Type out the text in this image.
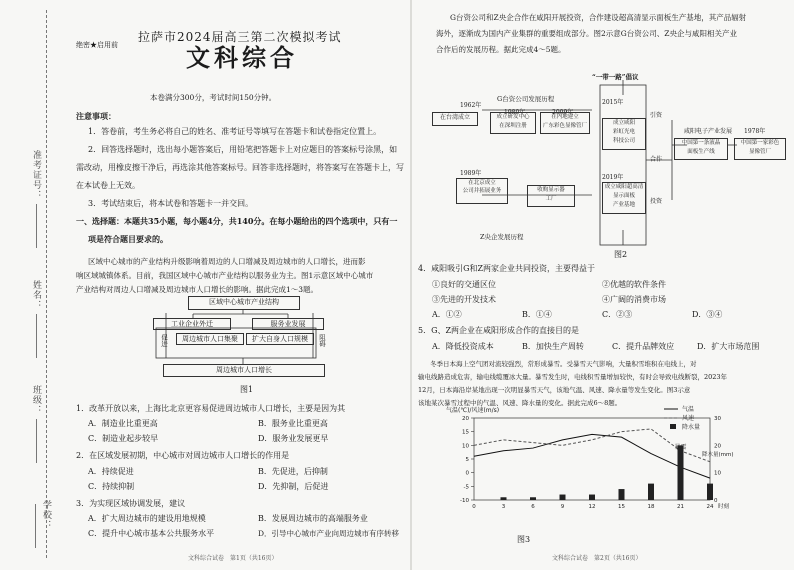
准考证号：
姓名：
班级：
学校：
绝密★启用前
拉萨市2024届高三第二次模拟考试
文科综合
本卷满分300分，考试时间150分钟。
注意事项：
1．答卷前，考生务必将自己的姓名、准考证号等填写在答题卡和试卷指定位置上。
2．回答选择题时，选出每小题答案后，用铅笔把答题卡上对应题目的答案标号涂黑，如
需改动，用橡皮擦干净后，再选涂其他答案标号。回答非选择题时，将答案写在答题卡上，写
在本试卷上无效。
3．考试结束后，将本试卷和答题卡一并交回。
一、选择题：本题共35小题，每小题4分，共140分。在每小题给出的四个选项中，只有一
项是符合题目要求的。
区域中心城市的产业结构升级影响着周边的人口增减及周边城市的人口增长，进而影
响区域城镇体系。目前，我国区域中心城市产业结构以服务业为主。图1示意区域中心城市
产业结构对周边人口增减及周边城市人口增长的影响。据此完成1～3题。
区域中心城市产业结构
工业企业外迁	服务业发展
周边城市人口集聚	扩大自身人口规模
促进	阻碍
周边城市人口增长
图1
1．改革开放以来，上海比北京更容易促进周边城市人口增长，主要是因为其
A．制造业比重更高	B．服务业比重更高
C．制造业起步较早	D．服务业发展更早
2．在区域发展初期，中心城市对周边城市人口增长的作用是
A．持续促进	B．先促进，后抑制
C．持续抑制	D．先抑制，后促进
3．为实现区域协调发展，建议
A．扩大周边城市的建设用地规模	B．发展周边城市的高端服务业
C．提升中心城市基本公共服务水平	D．引导中心城市产业向周边城市有序转移
文科综合试卷　第1页（共16页）
G台资公司和Z央企合作在咸阳开展投资，合作建设超高清显示面板生产基地，其产品辐射
海外，逐渐成为国内产业集群的重要组成部分。图2示意G台资公司、Z央企与咸阳相关产业
合作后的发展历程。据此完成4～5题。
“一带一路”倡议
G台资公司发展历程
Z央企发展历程
1962年
1980年	2009年
2015年
在台湾成立	成立研发中心
在深圳注册
在内地建立
广东彩色显像管厂	成立咸阳
彩虹光电
科技公司
成立咸阳超高清
显示面板
产业基地
引资
合作
投资
咸阳电子产业发展
中国第一条液晶
面板生产线
中国第一家彩色
显像管厂
1978年
1989年
2019年
在北京成立
公司并拓展业务	收购显示器
工厂
图2
4．咸阳吸引G和Z两家企业共同投资，主要得益于
①良好的交通区位	②优越的软件条件
③先进的开发技术	④广阔的消费市场
A．①②	B．①④	C．②③	D．③④
5．G、Z两企业在咸阳形成合作的直接目的是
A．降低投资成本	B．加快生产周转	C．提升品牌效应	D．扩大市场范围
冬季日本海上空气团对流较强烈，常形成暴雪。受暴雪天气影响，大量积雪堆积在电线上，对
输电线路造成危害，输电线缆覆冰大量。暴雪发生时，电线积雪量增加较快，有时会导致电线断裂，2023年
12月，日本海沿岸某地出现一次明显暴雪天气，该地气温、风速、降水量等发生变化。图3示意
该地某次暴雪过程中的气温、风速、降水量的变化。据此完成6～8题。
20
15
10
5
0
-5
-10
30
20
10
0
0	3	6	9	12	15	18	21	24
气温(℃)/风速(m/s)
降水量(mm)
时刻
气温
风速
降水量
暴雪
图3
文科综合试卷　第2页（共16页）
